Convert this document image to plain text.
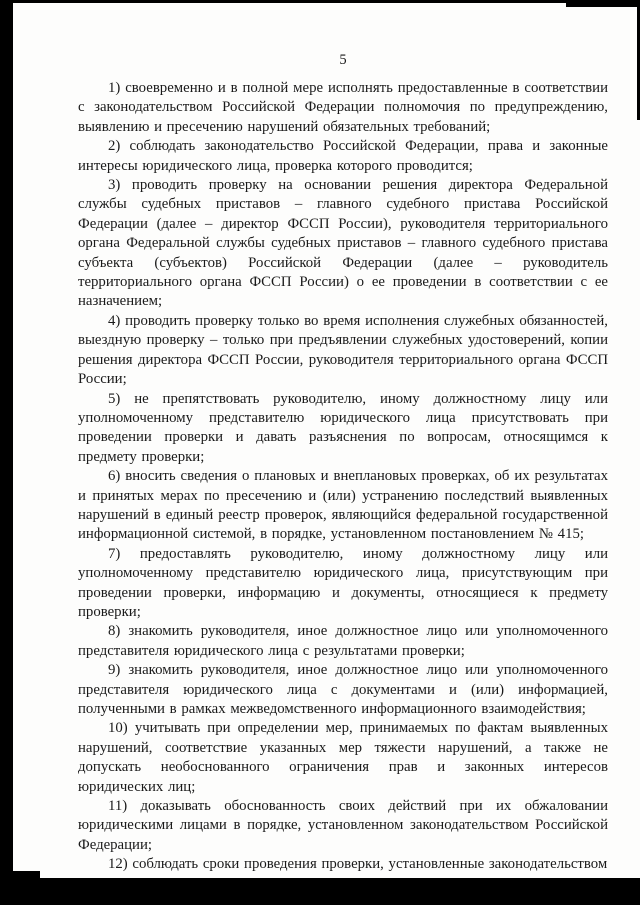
5

1) своевременно и в полной мере исполнять предоставленные в соответствии с законодательством Российской Федерации полномочия по предупреждению, выявлению и пресечению нарушений обязательных требований;

2) соблюдать законодательство Российской Федерации, права и законные интересы юридического лица, проверка которого проводится;

3) проводить проверку на основании решения директора Федеральной службы судебных приставов – главного судебного пристава Российской Федерации (далее – директор ФССП России), руководителя территориального органа Федеральной службы судебных приставов – главного судебного пристава субъекта (субъектов) Российской Федерации (далее – руководитель территориального органа ФССП России) о ее проведении в соответствии с ее назначением;

4) проводить проверку только во время исполнения служебных обязанностей, выездную проверку – только при предъявлении служебных удостоверений, копии решения директора ФССП России, руководителя территориального органа ФССП России;

5) не препятствовать руководителю, иному должностному лицу или уполномоченному представителю юридического лица присутствовать при проведении проверки и давать разъяснения по вопросам, относящимся к предмету проверки;

6) вносить сведения о плановых и внеплановых проверках, об их результатах и принятых мерах по пресечению и (или) устранению последствий выявленных нарушений в единый реестр проверок, являющийся федеральной государственной информационной системой, в порядке, установленном постановлением № 415;

7) предоставлять руководителю, иному должностному лицу или уполномоченному представителю юридического лица, присутствующим при проведении проверки, информацию и документы, относящиеся к предмету проверки;

8) знакомить руководителя, иное должностное лицо или уполномоченного представителя юридического лица с результатами проверки;

9) знакомить руководителя, иное должностное лицо или уполномоченного представителя юридического лица с документами и (или) информацией, полученными в рамках межведомственного информационного взаимодействия;

10) учитывать при определении мер, принимаемых по фактам выявленных нарушений, соответствие указанных мер тяжести нарушений, а также не допускать необоснованного ограничения прав и законных интересов юридических лиц;

11) доказывать обоснованность своих действий при их обжаловании юридическими лицами в порядке, установленном законодательством Российской Федерации;

12) соблюдать сроки проведения проверки, установленные законодательством
